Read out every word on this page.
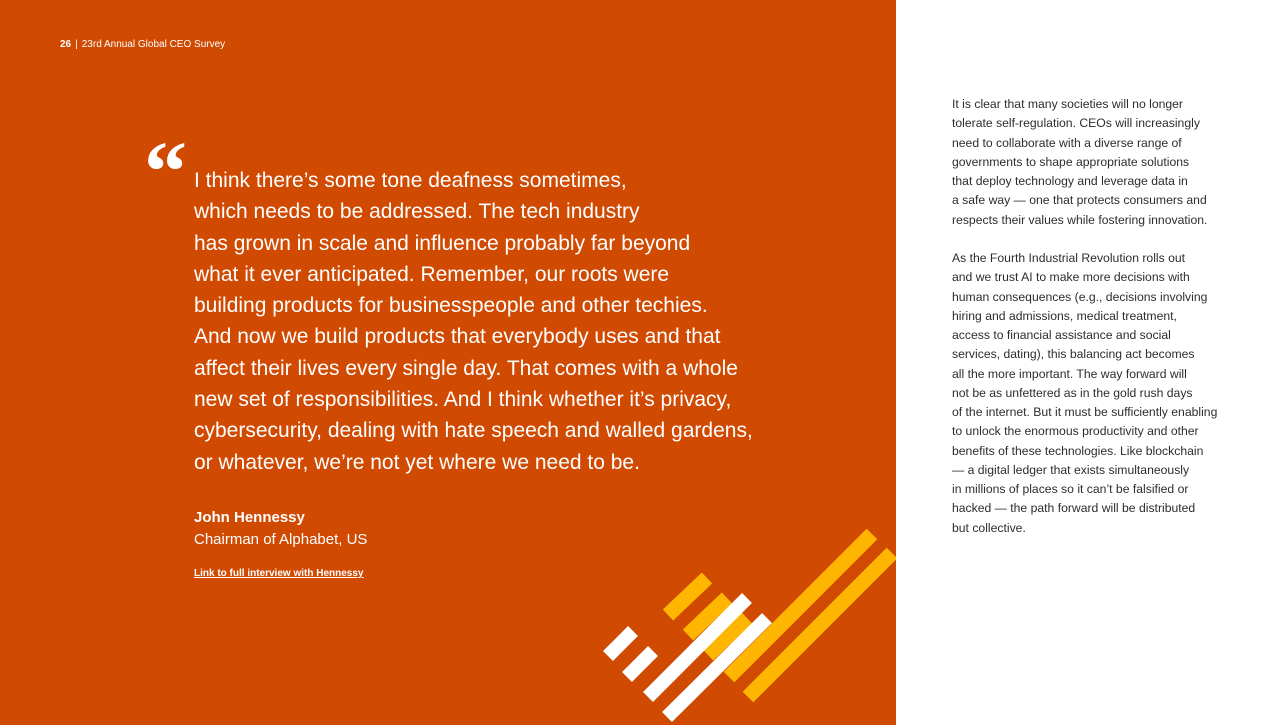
26 | 23rd Annual Global CEO Survey
“ I think there’s some tone deafness sometimes,
which needs to be addressed. The tech industry
has grown in scale and influence probably far beyond
what it ever anticipated. Remember, our roots were
building products for businesspeople and other techies.
And now we build products that everybody uses and that
affect their lives every single day. That comes with a whole
new set of responsibilities. And I think whether it’s privacy,
cybersecurity, dealing with hate speech and walled gardens,
or whatever, we’re not yet where we need to be.

John Hennessy
Chairman of Alphabet, US
Link to full interview with Hennessy

It is clear that many societies will no longer
tolerate self-regulation. CEOs will increasingly
need to collaborate with a diverse range of
governments to shape appropriate solutions
that deploy technology and leverage data in
a safe way — one that protects consumers and
respects their values while fostering innovation.

As the Fourth Industrial Revolution rolls out
and we trust AI to make more decisions with
human consequences (e.g., decisions involving
hiring and admissions, medical treatment,
access to financial assistance and social
services, dating), this balancing act becomes
all the more important. The way forward will
not be as unfettered as in the gold rush days
of the internet. But it must be sufficiently enabling
to unlock the enormous productivity and other
benefits of these technologies. Like blockchain
— a digital ledger that exists simultaneously
in millions of places so it can’t be falsified or
hacked — the path forward will be distributed
but collective.
